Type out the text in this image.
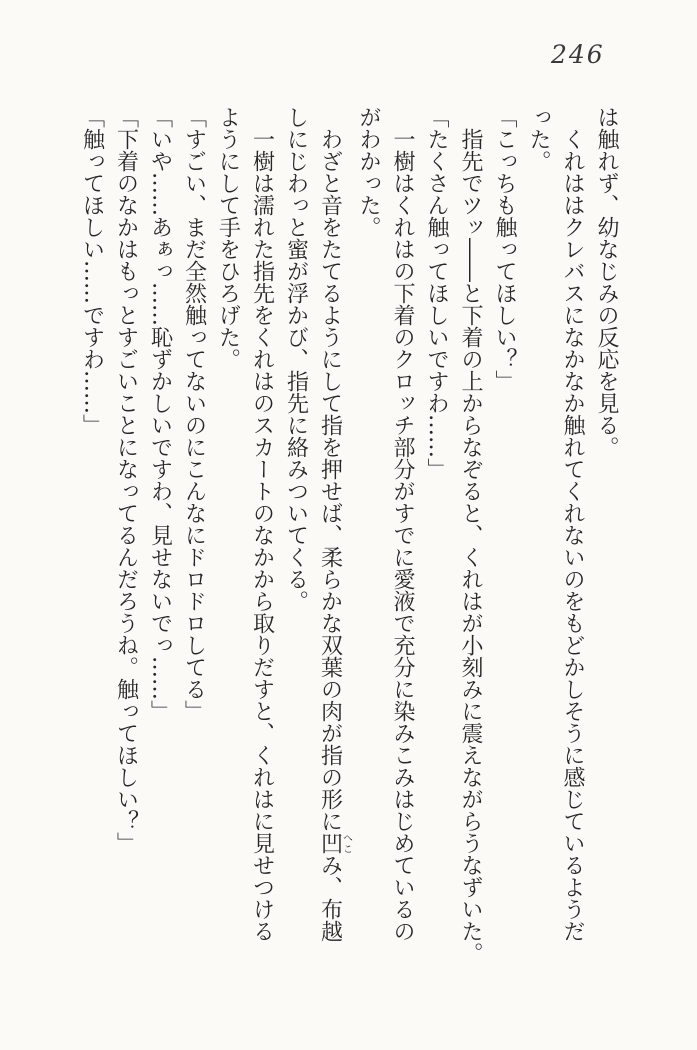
246
は触れず、幼なじみの反応を見る。
　くれははクレバスになかなか触れてくれないのをもどかしそうに感じているようだ
った。
「こっちも触ってほしい？」
　指先でツッ――と下着の上からなぞると、くれはが小刻みに震えながらうなずいた。
「たくさん触ってほしいですわ……」
　一樹はくれはの下着のクロッチ部分がすでに愛液で充分に染みこみはじめているの
がわかった。
　わざと音をたてるようにして指を押せば、柔らかな双葉の肉が指の形に凹へこみ、布越
しにじわっと蜜が浮かび、指先に絡みついてくる。
　一樹は濡れた指先をくれはのスカートのなかから取りだすと、くれはに見せつける
ようにして手をひろげた。
「すごい、まだ全然触ってないのにこんなにドロドロしてる」
「いや……あぁっ……恥ずかしいですわ、見せないでっ……」
「下着のなかはもっとすごいことになってるんだろうね。触ってほしい？」
「触ってほしい……ですわ……」
